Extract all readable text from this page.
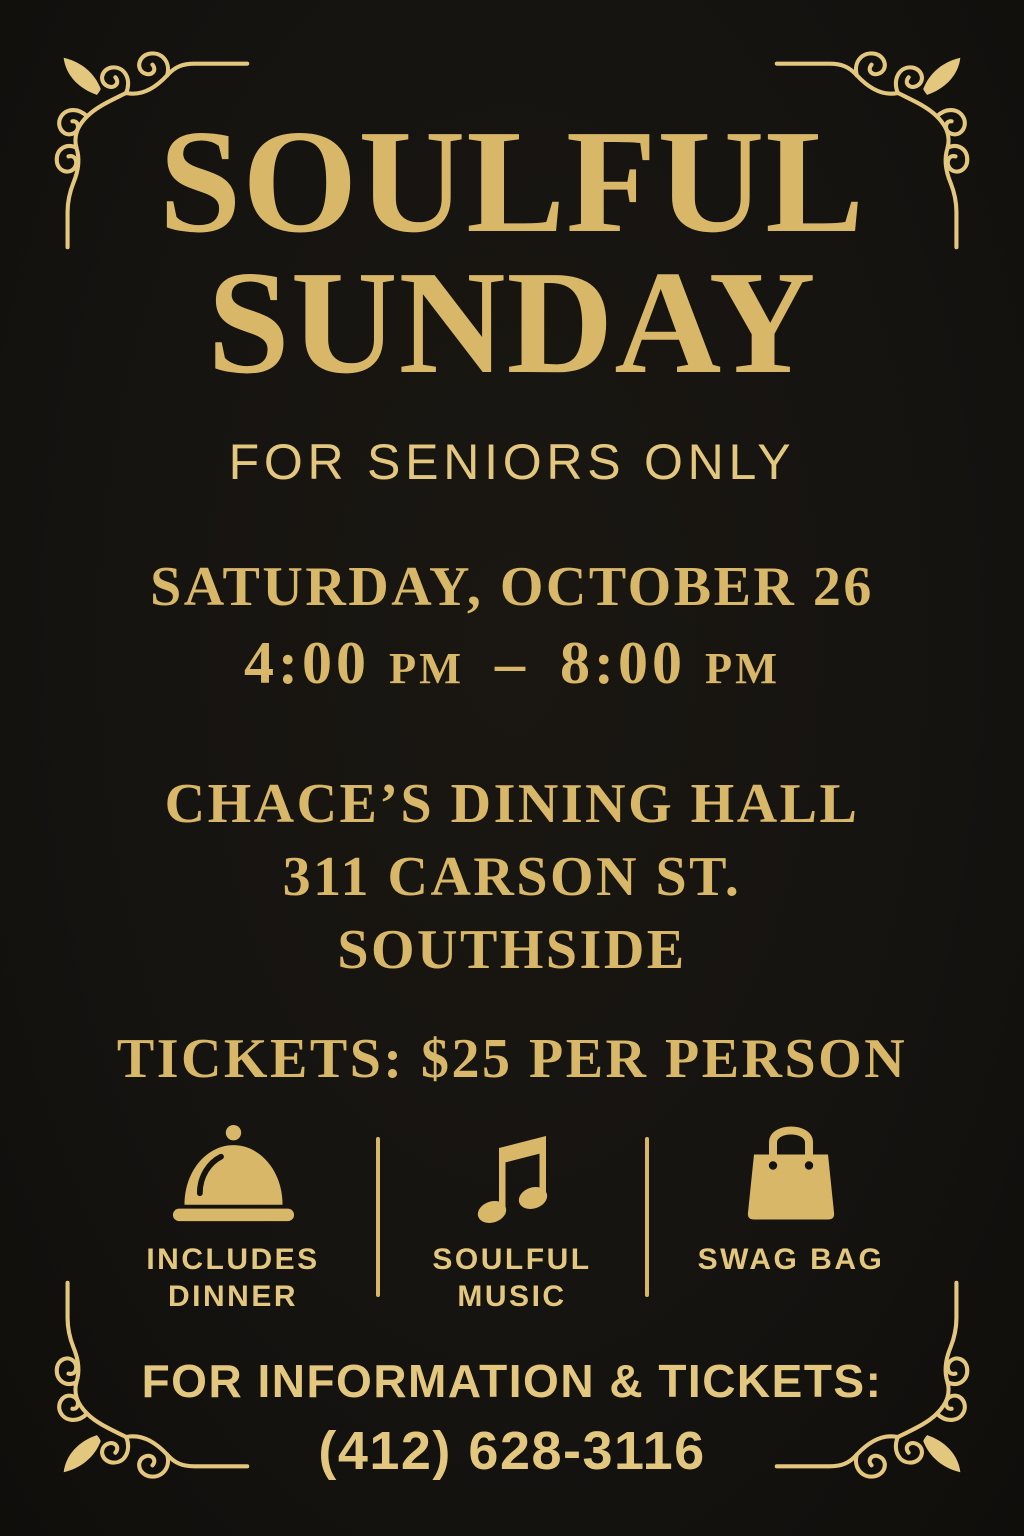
SOULFUL
SUNDAY
FOR SENIORS ONLY
SATURDAY, OCTOBER 26
4:00 PM – 8:00 PM
CHACE’S DINING HALL
311 CARSON ST.
SOUTHSIDE
TICKETS: $25 PER PERSON
INCLUDES
DINNER
SOULFUL
MUSIC
SWAG BAG
FOR INFORMATION & TICKETS:
(412) 628-3116
